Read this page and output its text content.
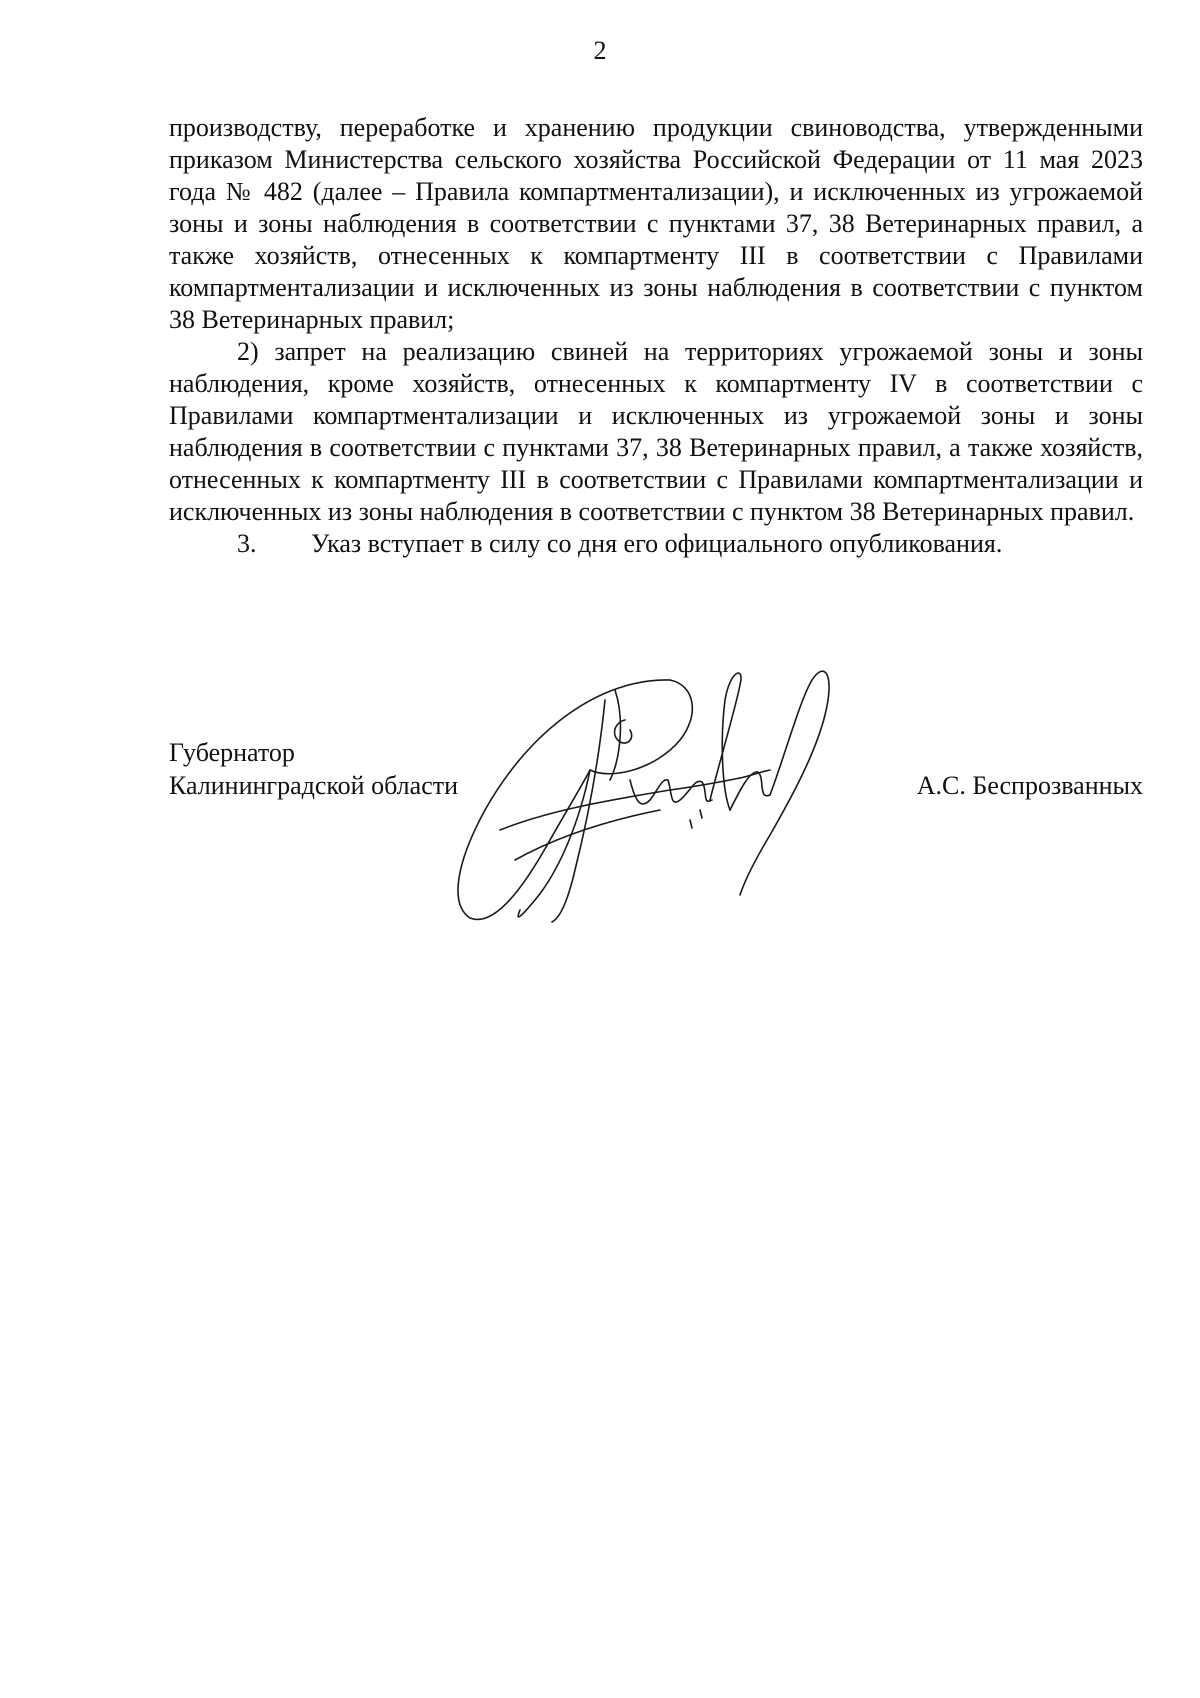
2

производству, переработке и хранению продукции свиноводства, утвержденными приказом Министерства сельского хозяйства Российской Федерации от 11 мая 2023 года № 482 (далее – Правила компартментализации), и исключенных из угрожаемой зоны и зоны наблюдения в соответствии с пунктами 37, 38 Ветеринарных правил, а также хозяйств, отнесенных к компартменту III в соответствии с Правилами компартментализации и исключенных из зоны наблюдения в соответствии с пунктом 38 Ветеринарных правил;

2) запрет на реализацию свиней на территориях угрожаемой зоны и зоны наблюдения, кроме хозяйств, отнесенных к компартменту IV в соответствии с Правилами компартментализации и исключенных из угрожаемой зоны и зоны наблюдения в соответствии с пунктами 37, 38 Ветеринарных правил, а также хозяйств, отнесенных к компартменту III в соответствии с Правилами компартментализации и исключенных из зоны наблюдения в соответствии с пунктом 38 Ветеринарных правил.

3. Указ вступает в силу со дня его официального опубликования.

Губернатор
Калининградской области	А.С. Беспрозванных
